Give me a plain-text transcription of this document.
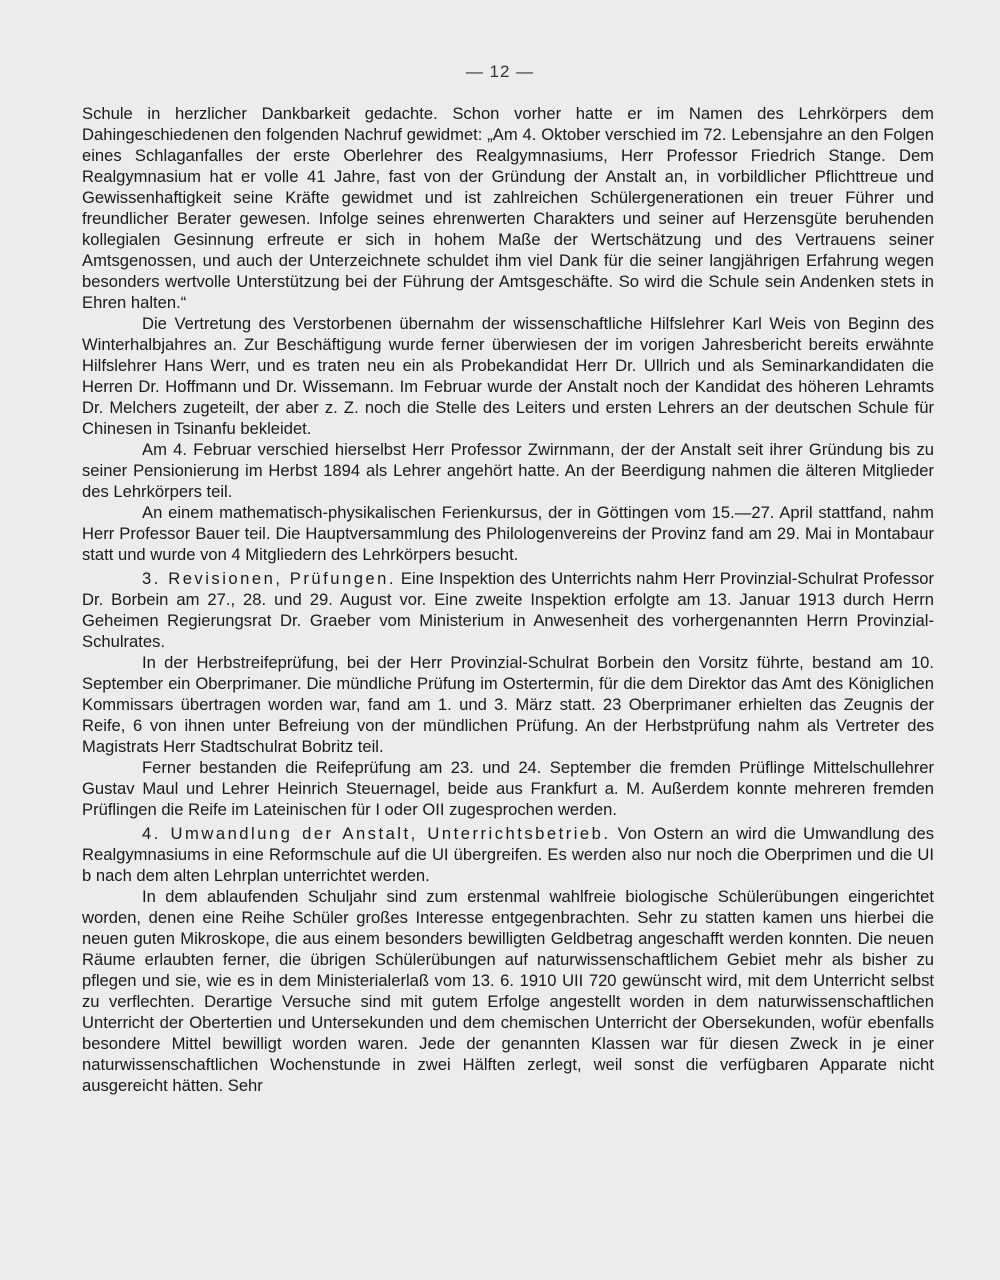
— 12 —

Schule in herzlicher Dankbarkeit gedachte. Schon vorher hatte er im Namen des Lehrkörpers dem Dahingeschiedenen den folgenden Nachruf gewidmet: „Am 4. Oktober verschied im 72. Lebensjahre an den Folgen eines Schlaganfalles der erste Oberlehrer des Realgymnasiums, Herr Professor Friedrich Stange. Dem Realgymnasium hat er volle 41 Jahre, fast von der Gründung der Anstalt an, in vorbildlicher Pflichttreue und Gewissenhaftigkeit seine Kräfte gewidmet und ist zahlreichen Schülergenerationen ein treuer Führer und freundlicher Berater gewesen. Infolge seines ehrenwerten Charakters und seiner auf Herzensgüte beruhenden kollegialen Gesinnung erfreute er sich in hohem Maße der Wertschätzung und des Vertrauens seiner Amtsgenossen, und auch der Unterzeichnete schuldet ihm viel Dank für die seiner langjährigen Erfahrung wegen besonders wertvolle Unterstützung bei der Führung der Amtsgeschäfte. So wird die Schule sein Andenken stets in Ehren halten.“

Die Vertretung des Verstorbenen übernahm der wissenschaftliche Hilfslehrer Karl Weis von Beginn des Winterhalbjahres an. Zur Beschäftigung wurde ferner überwiesen der im vorigen Jahresbericht bereits erwähnte Hilfslehrer Hans Werr, und es traten neu ein als Probekandidat Herr Dr. Ullrich und als Seminarkandidaten die Herren Dr. Hoffmann und Dr. Wissemann. Im Februar wurde der Anstalt noch der Kandidat des höheren Lehramts Dr. Melchers zugeteilt, der aber z. Z. noch die Stelle des Leiters und ersten Lehrers an der deutschen Schule für Chinesen in Tsinanfu bekleidet.

Am 4. Februar verschied hierselbst Herr Professor Zwirnmann, der der Anstalt seit ihrer Gründung bis zu seiner Pensionierung im Herbst 1894 als Lehrer angehört hatte. An der Beerdigung nahmen die älteren Mitglieder des Lehrkörpers teil.

An einem mathematisch-physikalischen Ferienkursus, der in Göttingen vom 15.—27. April stattfand, nahm Herr Professor Bauer teil. Die Hauptversammlung des Philologenvereins der Provinz fand am 29. Mai in Montabaur statt und wurde von 4 Mitgliedern des Lehrkörpers besucht.

3. Revisionen, Prüfungen. Eine Inspektion des Unterrichts nahm Herr Provinzial-Schulrat Professor Dr. Borbein am 27., 28. und 29. August vor. Eine zweite Inspektion erfolgte am 13. Januar 1913 durch Herrn Geheimen Regierungsrat Dr. Graeber vom Ministerium in Anwesenheit des vorhergenannten Herrn Provinzial-Schulrates.

In der Herbstreifeprüfung, bei der Herr Provinzial-Schulrat Borbein den Vorsitz führte, bestand am 10. September ein Oberprimaner. Die mündliche Prüfung im Ostertermin, für die dem Direktor das Amt des Königlichen Kommissars übertragen worden war, fand am 1. und 3. März statt. 23 Oberprimaner erhielten das Zeugnis der Reife, 6 von ihnen unter Befreiung von der mündlichen Prüfung. An der Herbstprüfung nahm als Vertreter des Magistrats Herr Stadtschulrat Bobritz teil.

Ferner bestanden die Reifeprüfung am 23. und 24. September die fremden Prüflinge Mittelschullehrer Gustav Maul und Lehrer Heinrich Steuernagel, beide aus Frankfurt a. M. Außerdem konnte mehreren fremden Prüflingen die Reife im Lateinischen für I oder OII zugesprochen werden.

4. Umwandlung der Anstalt, Unterrichtsbetrieb. Von Ostern an wird die Umwandlung des Realgymnasiums in eine Reformschule auf die UI übergreifen. Es werden also nur noch die Oberprimen und die UI b nach dem alten Lehrplan unterrichtet werden.

In dem ablaufenden Schuljahr sind zum erstenmal wahlfreie biologische Schülerübungen eingerichtet worden, denen eine Reihe Schüler großes Interesse entgegenbrachten. Sehr zu statten kamen uns hierbei die neuen guten Mikroskope, die aus einem besonders bewilligten Geldbetrag angeschafft werden konnten. Die neuen Räume erlaubten ferner, die übrigen Schülerübungen auf naturwissenschaftlichem Gebiet mehr als bisher zu pflegen und sie, wie es in dem Ministerialerlaß vom 13. 6. 1910 UII 720 gewünscht wird, mit dem Unterricht selbst zu verflechten. Derartige Versuche sind mit gutem Erfolge angestellt worden in dem naturwissenschaftlichen Unterricht der Obertertien und Untersekunden und dem chemischen Unterricht der Obersekunden, wofür ebenfalls besondere Mittel bewilligt worden waren. Jede der genannten Klassen war für diesen Zweck in je einer naturwissenschaftlichen Wochenstunde in zwei Hälften zerlegt, weil sonst die verfügbaren Apparate nicht ausgereicht hätten. Sehr
